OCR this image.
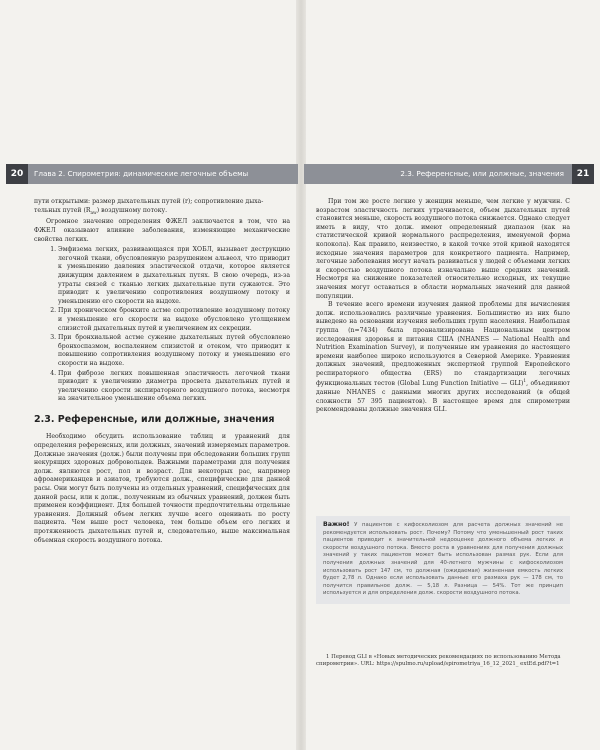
20	Глава 2. Спирометрия: динамические легочные объемы

пути открытыми: размер дыхательных путей (r); сопротивление дыха-
тельных путей $(R_{aw})$ воздушному потоку.

Огромное значение определения ФЖЕЛ заключается в том, что на ФЖЕЛ оказывают влияние заболевания, изменяющие механические свойства легких.

1. Эмфизема легких, развивающаяся при ХОБЛ, вызывает деструкцию легочной ткани, обусловленную разрушением альвеол, что приводит к уменьшению давления эластической отдачи, которое является движущим давлением в дыхательных путях. В свою очередь, из-за утраты связей с тканью легких дыхательные пути сужаются. Это приводит к увеличению сопротивления воздушному потоку и уменьшению его скорости на выдохе.
2. При хроническом бронхите астме сопротивление воздушному потоку и уменьшение его скорости на выдохе обусловлено утолщением слизистой дыхательных путей и увеличением их секреции.
3. При бронхиальной астме сужение дыхательных путей обусловлено бронхоспазмом, воспалением слизистой и отеком, что приводит к повышению сопротивления воздушному потоку и уменьшению его скорости на выдохе.
4. При фиброзе легких повышенная эластичность легочной ткани приводит к увеличению диаметра просвета дыхательных путей и увеличению скорости экспираторного воздушного потока, несмотря на значительное уменьшение объема легких.
2.3. Референсные, или должные, значения

Необходимо обсудить использование таблиц и уравнений для определения референсных, или должных, значений измеряемых параметров. Должные значения (долж.) были получены при обследовании больших групп некурящих здоровых добровольцев. Важными параметрами для получения долж. являются рост, пол и возраст. Для некоторых рас, например афроамериканцев и азиатов, требуются долж., специфические для данной расы. Они могут быть получены из отдельных уравнений, специфических для данной расы, или к долж., полученным из обычных уравнений, должен быть применен коэффициент. Для большей точности предпочтительны отдельные уравнения. Должный объем легких лучше всего оценивать по росту пациента. Чем выше рост человека, тем больше объем его легких и протяженность дыхательных путей и, следовательно, выше максимальная объемная скорость воздушного потока.

2.3. Референсные, или должные, значения	21

При том же росте легкие у женщин меньше, чем легкие у мужчин. С возрастом эластичность легких утрачивается, объем дыхательных путей становится меньше, скорость воздушного потока снижается. Однако следует иметь в виду, что долж. имеют определенный диапазон (как на статистической кривой нормального распределения, именуемой форма колокола). Как правило, неизвестно, в какой точке этой кривой находятся исходные значения параметров для конкретного пациента. Например, легочные заболевания могут начать развиваться у людей с объемами легких и скоростью воздушного потока изначально выше средних значений. Несмотря на снижение показателей относительно исходных, их текущие значения могут оставаться в области нормальных значений для данной популяции.

В течение всего времени изучения данной проблемы для вычисления долж. использовались различные уравнения. Большинство из них было выведено на основании изучения небольших групп населения. Наибольшая группа (n=7434) была проанализирована Национальным центром исследования здоровья и питания США (NHANES — National Health and Nutrition Examination Survey), и полученные им уравнения до настоящего времени наиболее широко используются в Северной Америке. Уравнения должных значений, предложенных экспертной группой Европейского респираторного общества (ERS) по стандартизации легочных функциональных тестов (Global Lung Function Initiative — GLI)$^1$, объединяют данные NHANES с данными многих других исследований (в общей сложности 57 395 пациентов). В настоящее время для спирометрии рекомендованы должные значения GLI.

Важно! У пациентов с кифосколиозом для расчета должных значений не рекомендуется использовать рост. Почему? Потому что уменьшенный рост таких пациентов приводит к значительной недооценке должного объема легких и скорости воздушного потока. Вместо роста в уравнениях для получения должных значений у таких пациентов может быть использован размах рук. Если для получения должных значений для 40-летнего мужчины с кифосколиозом использовать рост 147 см, то должная (ожидаемая) жизненная емкость легких будет 2,78 л. Однако если использовать данные его размаха рук — 178 см, то получится правильное долж. — 5,18 л. Разница — 54%. Тот же принцип используется и для определения долж. скорости воздушного потока.

1 Перевод GLI в «Новых методических рекомендациях по использованию Метода спирометрии». URL: https://spulmo.ru/upload/spirometriya_16_12_2021_ extEd.pdf?t=1
